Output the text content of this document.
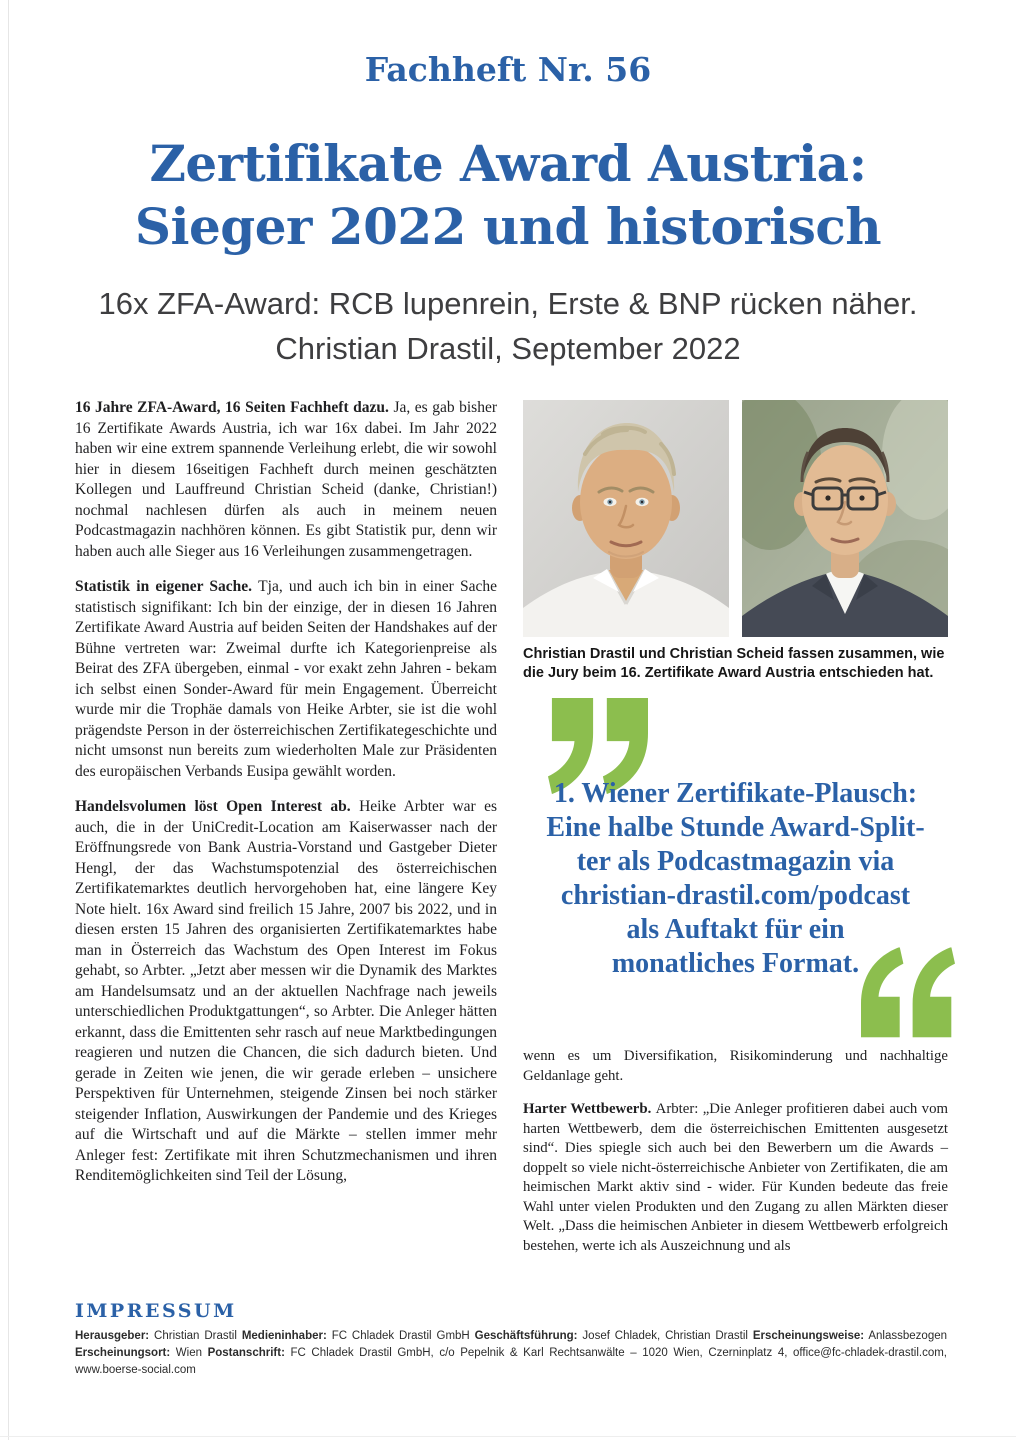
Fachheft Nr. 56
Zertifikate Award Austria:
Sieger 2022 und historisch
16x ZFA-Award: RCB lupenrein, Erste & BNP rücken näher.
Christian Drastil, September 2022

16 Jahre ZFA-Award, 16 Seiten Fachheft dazu. Ja, es gab bisher 16 Zertifikate Awards Austria, ich war 16x dabei. Im Jahr 2022 haben wir eine extrem spannende Verleihung erlebt, die wir sowohl hier in diesem 16seitigen Fachheft durch meinen geschätzten Kollegen und Lauffreund Christian Scheid (danke, Christian!) nochmal nachlesen dürfen als auch in meinem neuen Podcastmagazin nachhören können. Es gibt Statistik pur, denn wir haben auch alle Sieger aus 16 Verleihungen zusammengetragen.

Statistik in eigener Sache. Tja, und auch ich bin in einer Sache statistisch signifikant: Ich bin der einzige, der in diesen 16 Jahren Zertifikate Award Austria auf beiden Seiten der Handshakes auf der Bühne vertreten war: Zweimal durfte ich Kategorienpreise als Beirat des ZFA übergeben, einmal - vor exakt zehn Jahren - bekam ich selbst einen Sonder-Award für mein Engagement. Überreicht wurde mir die Trophäe damals von Heike Arbter, sie ist die wohl prägendste Person in der österreichischen Zertifikategeschichte und nicht umsonst nun bereits zum wiederholten Male zur Präsidenten des europäischen Verbands Eusipa gewählt worden.

Handelsvolumen löst Open Interest ab. Heike Arbter war es auch, die in der UniCredit-Location am Kaiserwasser nach der Eröffnungsrede von Bank Austria-Vorstand und Gastgeber Dieter Hengl, der das Wachstumspotenzial des österreichischen Zertifikatemarktes deutlich hervorgehoben hat, eine längere Key Note hielt. 16x Award sind freilich 15 Jahre, 2007 bis 2022, und in diesen ersten 15 Jahren des organisierten Zertifikatemarktes habe man in Österreich das Wachstum des Open Interest im Fokus gehabt, so Arbter. „Jetzt aber messen wir die Dynamik des Marktes am Handelsumsatz und an der aktuellen Nachfrage nach jeweils unterschiedlichen Produktgattungen“, so Arbter. Die Anleger hätten erkannt, dass die Emittenten sehr rasch auf neue Marktbedingungen reagieren und nutzen die Chancen, die sich dadurch bieten. Und gerade in Zeiten wie jenen, die wir gerade erleben – unsichere Perspektiven für Unternehmen, steigende Zinsen bei noch stärker steigender Inflation, Auswirkungen der Pandemie und des Krieges auf die Wirtschaft und auf die Märkte – stellen immer mehr Anleger fest: Zertifikate mit ihren Schutzmechanismen und ihren Renditemöglichkeiten sind Teil der Lösung,

Christian Drastil und Christian Scheid fassen zusammen, wie die Jury beim 16. Zertifikate Award Austria entschieden hat.
1. Wiener Zertifikate-Plausch:
Eine halbe Stunde Award-Split-
ter als Podcastmagazin via
christian-drastil.com/podcast
als Auftakt für ein
monatliches Format.

wenn es um Diversifikation, Risikominderung und nachhaltige Geldanlage geht.

Harter Wettbewerb. Arbter: „Die Anleger profitieren dabei auch vom harten Wettbewerb, dem die österreichischen Emittenten ausgesetzt sind“. Dies spiegle sich auch bei den Bewerbern um die Awards – doppelt so viele nicht-österreichische Anbieter von Zertifikaten, die am heimischen Markt aktiv sind - wider. Für Kunden bedeute das freie Wahl unter vielen Produkten und den Zugang zu allen Märkten dieser Welt. „Dass die heimischen Anbieter in diesem Wettbewerb erfolgreich bestehen, werte ich als Auszeichnung und als

IMPRESSUM
Herausgeber: Christian Drastil Medieninhaber: FC Chladek Drastil GmbH Geschäftsführung: Josef Chladek, Christian Drastil Erscheinungsweise: Anlassbezogen
Erscheinungsort: Wien Postanschrift: FC Chladek Drastil GmbH, c/o Pepelnik & Karl Rechtsanwälte – 1020 Wien, Czerninplatz 4, office@fc-chladek-drastil.com, www.boerse-social.com
